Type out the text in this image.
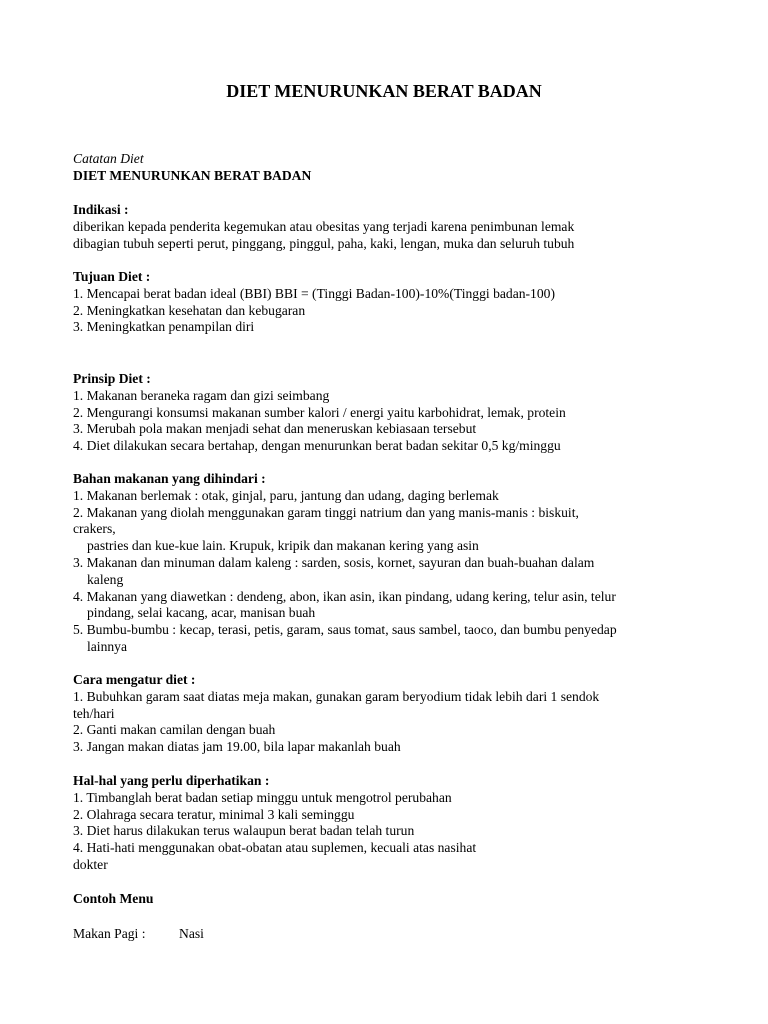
DIET MENURUNKAN BERAT BADAN
Catatan Diet
DIET MENURUNKAN BERAT BADAN
Indikasi :
diberikan kepada penderita kegemukan atau obesitas yang terjadi karena penimbunan lemak
dibagian tubuh seperti perut, pinggang, pinggul, paha, kaki, lengan, muka dan seluruh tubuh
Tujuan Diet :
1. Mencapai berat badan ideal (BBI) BBI = (Tinggi Badan-100)-10%(Tinggi badan-100)
2. Meningkatkan kesehatan dan kebugaran
3. Meningkatkan penampilan diri
Prinsip Diet :
1. Makanan beraneka ragam dan gizi seimbang
2. Mengurangi konsumsi makanan sumber kalori / energi yaitu karbohidrat, lemak, protein
3. Merubah pola makan menjadi sehat dan meneruskan kebiasaan tersebut
4. Diet dilakukan secara bertahap, dengan menurunkan berat badan sekitar 0,5 kg/minggu
Bahan makanan yang dihindari :
1. Makanan berlemak : otak, ginjal, paru, jantung dan udang, daging berlemak
2. Makanan yang diolah menggunakan garam tinggi natrium dan yang manis-manis : biskuit,
crakers,
pastries dan kue-kue lain. Krupuk, kripik dan makanan kering yang asin
3. Makanan dan minuman dalam kaleng : sarden, sosis, kornet, sayuran dan buah-buahan dalam
kaleng
4. Makanan yang diawetkan : dendeng, abon, ikan asin, ikan pindang, udang kering, telur asin, telur
pindang, selai kacang, acar, manisan buah
5. Bumbu-bumbu : kecap, terasi, petis, garam, saus tomat, saus sambel, taoco, dan bumbu penyedap
lainnya
Cara mengatur diet :
1. Bubuhkan garam saat diatas meja makan, gunakan garam beryodium tidak lebih dari 1 sendok
teh/hari
2. Ganti makan camilan dengan buah
3. Jangan makan diatas jam 19.00, bila lapar makanlah buah
Hal-hal yang perlu diperhatikan :
1. Timbanglah berat badan setiap minggu untuk mengotrol perubahan
2. Olahraga secara teratur, minimal 3 kali seminggu
3. Diet harus dilakukan terus walaupun berat badan telah turun
4. Hati-hati menggunakan obat-obatan atau suplemen, kecuali atas nasihat
dokter
Contoh Menu
Makan Pagi : Nasi
